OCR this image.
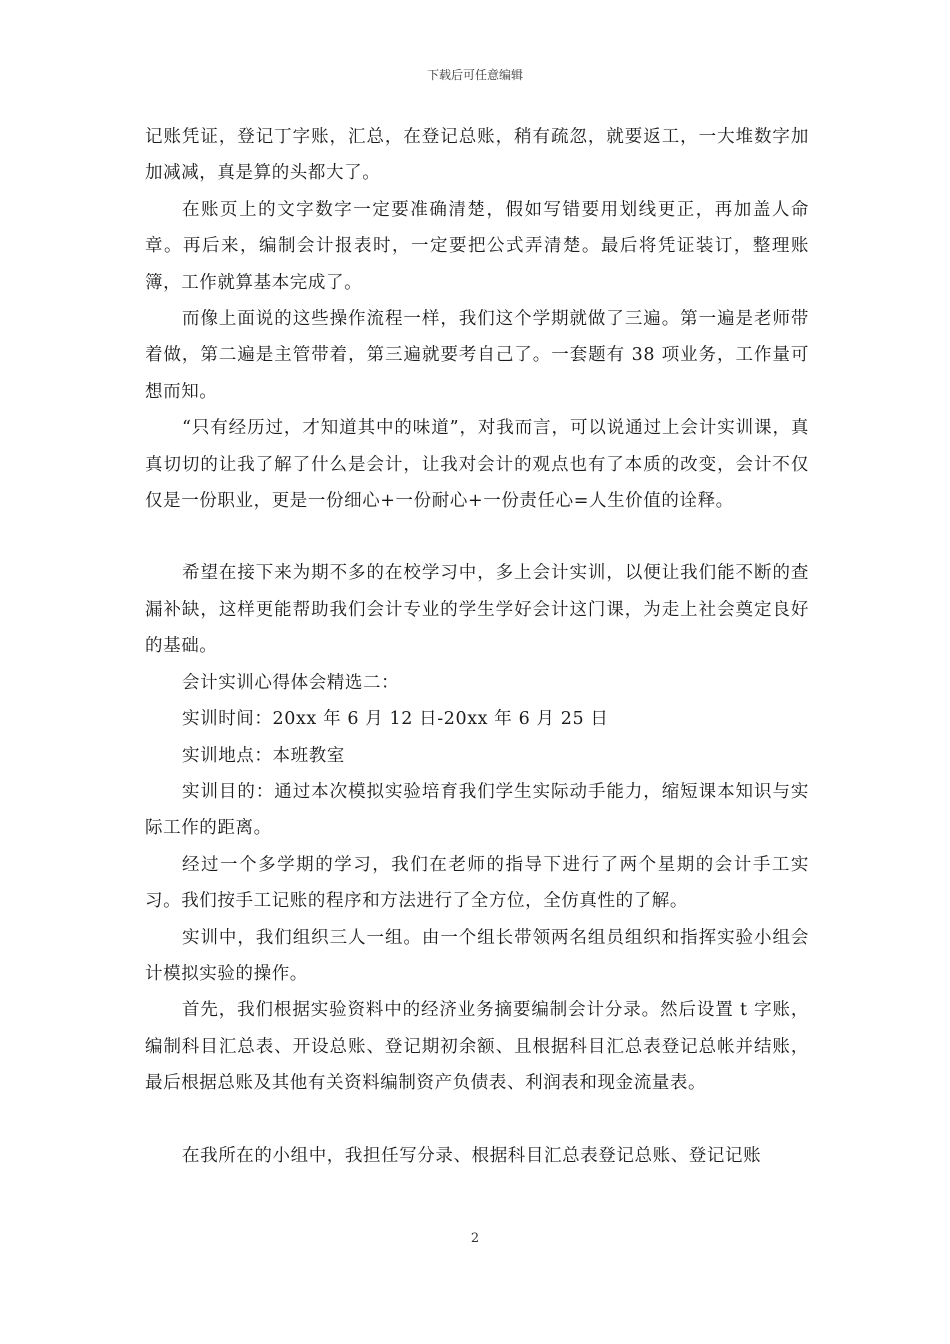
下载后可任意编辑

记账凭证，登记丁字账，汇总，在登记总账，稍有疏忽，就要返工，一大堆数字加加减减，真是算的头都大了。

在账页上的文字数字一定要准确清楚，假如写错要用划线更正，再加盖人命章。再后来，编制会计报表时，一定要把公式弄清楚。最后将凭证装订，整理账簿，工作就算基本完成了。

而像上面说的这些操作流程一样，我们这个学期就做了三遍。第一遍是老师带着做，第二遍是主管带着，第三遍就要考自己了。一套题有 38 项业务，工作量可想而知。

“只有经历过，才知道其中的味道”，对我而言，可以说通过上会计实训课，真真切切的让我了解了什么是会计，让我对会计的观点也有了本质的改变，会计不仅仅是一份职业，更是一份细心+一份耐心+一份责任心=人生价值的诠释。

希望在接下来为期不多的在校学习中，多上会计实训，以便让我们能不断的查漏补缺，这样更能帮助我们会计专业的学生学好会计这门课，为走上社会奠定良好的基础。

会计实训心得体会精选二：

实训时间：20xx 年 6 月 12 日-20xx 年 6 月 25 日

实训地点：本班教室

实训目的：通过本次模拟实验培育我们学生实际动手能力，缩短课本知识与实际工作的距离。

经过一个多学期的学习，我们在老师的指导下进行了两个星期的会计手工实习。我们按手工记账的程序和方法进行了全方位，全仿真性的了解。

实训中，我们组织三人一组。由一个组长带领两名组员组织和指挥实验小组会计模拟实验的操作。

首先，我们根据实验资料中的经济业务摘要编制会计分录。然后设置 t 字账，编制科目汇总表、开设总账、登记期初余额、且根据科目汇总表登记总帐并结账，最后根据总账及其他有关资料编制资产负债表、利润表和现金流量表。

在我所在的小组中，我担任写分录、根据科目汇总表登记总账、登记记账

2
